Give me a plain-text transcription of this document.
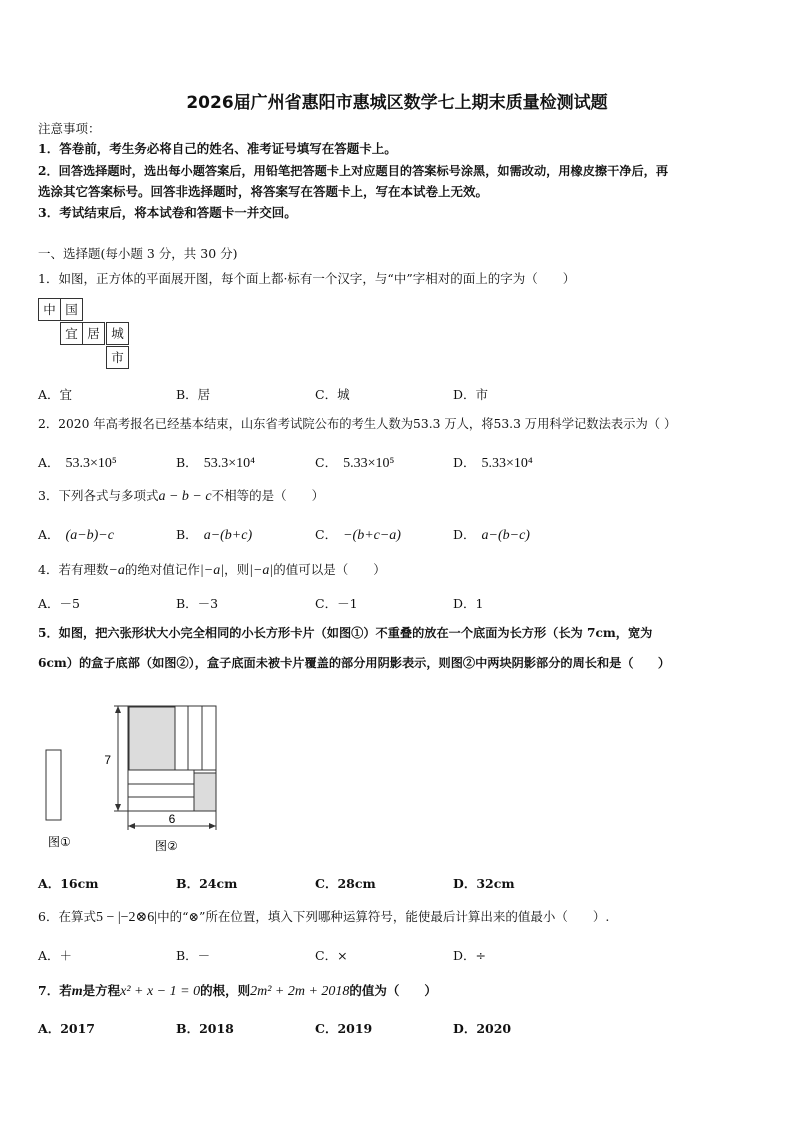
2026届广州省惠阳市惠城区数学七上期末质量检测试题
注意事项：
1．答卷前，考生务必将自己的姓名、准考证号填写在答题卡上。
2．回答选择题时，选出每小题答案后，用铅笔把答题卡上对应题目的答案标号涂黑，如需改动，用橡皮擦干净后，再
选涂其它答案标号。回答非选择题时，将答案写在答题卡上，写在本试卷上无效。
3．考试结束后，将本试卷和答题卡一并交回。
一、选择题(每小题 3 分，共 30 分)
1．如图，正方体的平面展开图，每个面上都·标有一个汉字，与“中”字相对的面上的字为（　　）
中 国
宜 居 城
市
A．宜	B．居	C．城	D．市
2．2020 年高考报名已经基本结束，山东省考试院公布的考生人数为53.3 万人，将53.3 万用科学记数法表示为（ ）
A． 53.3×10⁵	B． 53.3×10⁴	C． 5.33×10⁵	D． 5.33×10⁴
3．下列各式与多项式a − b − c不相等的是（　　）
A． (a−b)−c	B． a−(b+c)	C． −(b+c−a)	D． a−(b−c)
4．若有理数−a的绝对值记作|−a|，则|−a|的值可以是（　　）
A．－5	B．－3	C．－1	D．1
5．如图，把六张形状大小完全相同的小长方形卡片（如图①）不重叠的放在一个底面为长方形（长为 7cm，宽为
6cm）的盒子底部（如图②），盒子底面未被卡片覆盖的部分用阴影表示，则图②中两块阴影部分的周长和是（　　）
7
6
图①	图②
A．16cm	B．24cm	C．28cm	D．32cm
6．在算式5 − |−2⊗6|中的“⊗”所在位置，填入下列哪种运算符号，能使最后计算出来的值最小（　　）.
A．＋	B．－	C．×	D．÷
7．若m是方程x² + x − 1 = 0的根，则2m² + 2m + 2018的值为（　　）
A．2017	B．2018	C．2019	D．2020
